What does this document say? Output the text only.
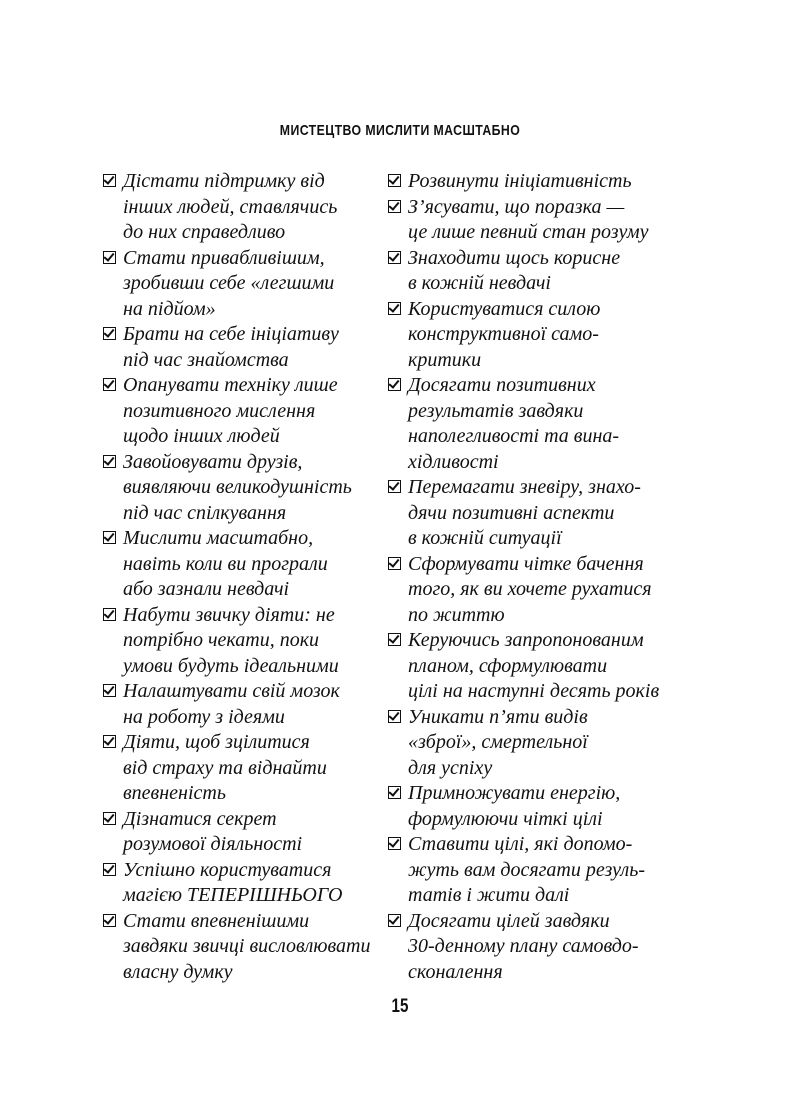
МИСТЕЦТВО МИСЛИТИ МАСШТАБНО
Дістати підтримку від
інших людей, ставлячись
до них справедливо
Стати привабливішим,
зробивши себе «легшими
на підйом»
Брати на себе ініціативу
під час знайомства
Опанувати техніку лише
позитивного мислення
щодо інших людей
Завойовувати друзів,
виявляючи великодушність
під час спілкування
Мислити масштабно,
навіть коли ви програли
або зазнали невдачі
Набути звичку діяти: не
потрібно чекати, поки
умови будуть ідеальними
Налаштувати свій мозок
на роботу з ідеями
Діяти, щоб зцілитися
від страху та віднайти
впевненість
Дізнатися секрет
розумової діяльності
Успішно користуватися
магією ТЕПЕРІШНЬОГО
Стати впевненішими
завдяки звичці висловлювати
власну думку
Розвинути ініціативність
З’ясувати, що поразка —
це лише певний стан розуму
Знаходити щось корисне
в кожній невдачі
Користуватися силою
конструктивної само-
критики
Досягати позитивних
результатів завдяки
наполегливості та вина-
хідливості
Перемагати зневіру, знахо-
дячи позитивні аспекти
в кожній ситуації
Сформувати чітке бачення
того, як ви хочете рухатися
по життю
Керуючись запропонованим
планом, сформулювати
цілі на наступні десять років
Уникати п’яти видів
«зброї», смертельної
для успіху
Примножувати енергію,
формулюючи чіткі цілі
Ставити цілі, які допомо-
жуть вам досягати резуль-
татів і жити далі
Досягати цілей завдяки
30-денному плану самовдо-
сконалення
15
